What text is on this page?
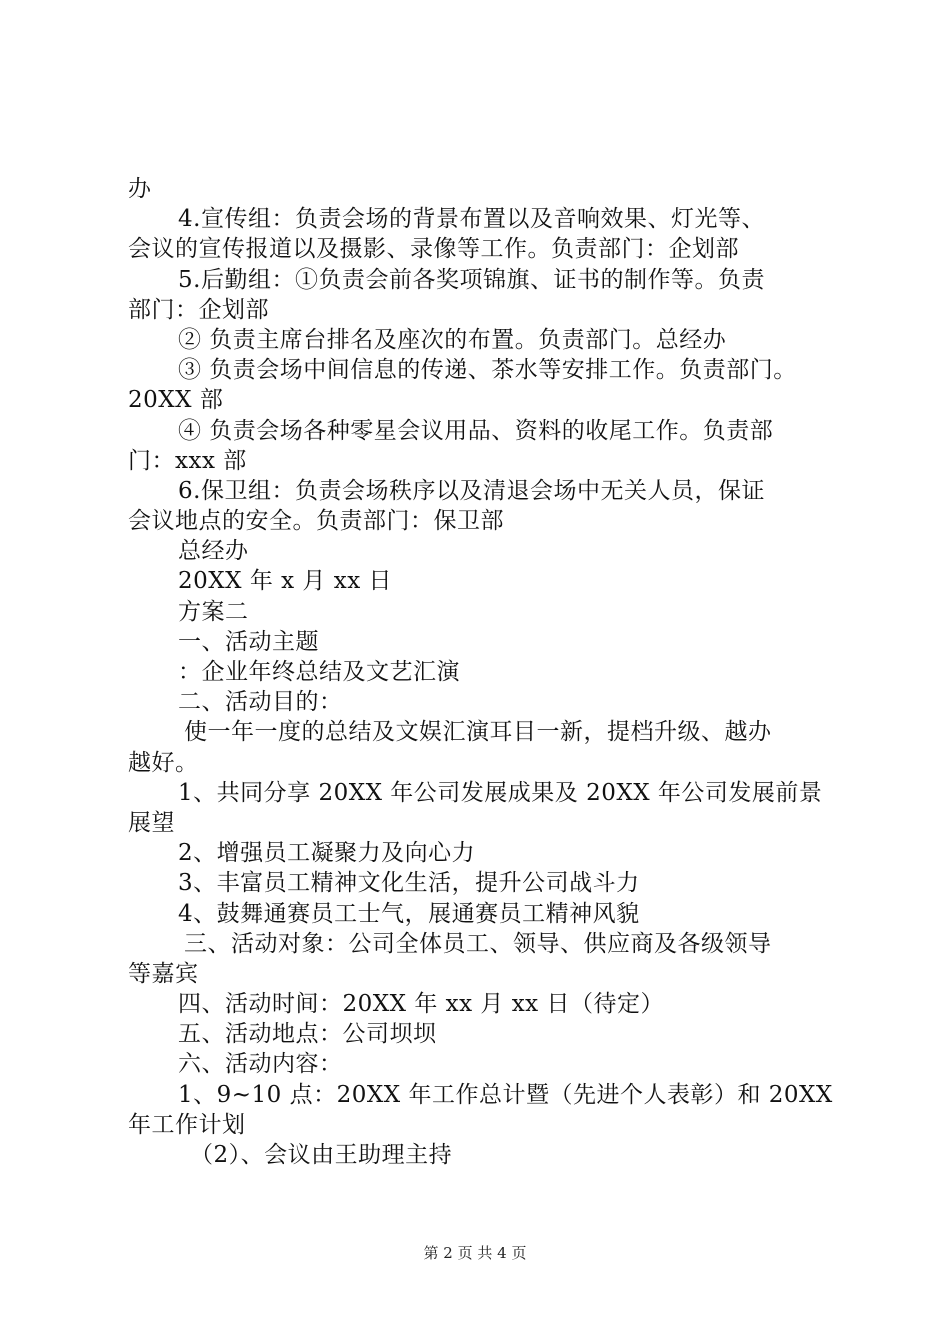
办
4.宣传组：负责会场的背景布置以及音响效果、灯光等、
会议的宣传报道以及摄影、录像等工作。负责部门：企划部
5.后勤组：①负责会前各奖项锦旗、证书的制作等。负责
部门：企划部
② 负责主席台排名及座次的布置。负责部门。总经办
③ 负责会场中间信息的传递、茶水等安排工作。负责部门。
20XX 部
④ 负责会场各种零星会议用品、资料的收尾工作。负责部
门：xxx 部
6.保卫组：负责会场秩序以及清退会场中无关人员，保证
会议地点的安全。负责部门：保卫部
总经办
20XX 年 x 月 xx 日
方案二
一、活动主题
：企业年终总结及文艺汇演
二、活动目的：
使一年一度的总结及文娱汇演耳目一新，提档升级、越办
越好。
1、共同分享 20XX 年公司发展成果及 20XX 年公司发展前景
展望
2、增强员工凝聚力及向心力
3、丰富员工精神文化生活，提升公司战斗力
4、鼓舞通赛员工士气，展通赛员工精神风貌
三、活动对象：公司全体员工、领导、供应商及各级领导
等嘉宾
四、活动时间：20XX 年 xx 月 xx 日（待定）
五、活动地点：公司坝坝
六、活动内容：
1、9~10 点：20XX 年工作总计暨（先进个人表彰）和 20XX
年工作计划
（2）、会议由王助理主持
第 2 页 共 4 页
